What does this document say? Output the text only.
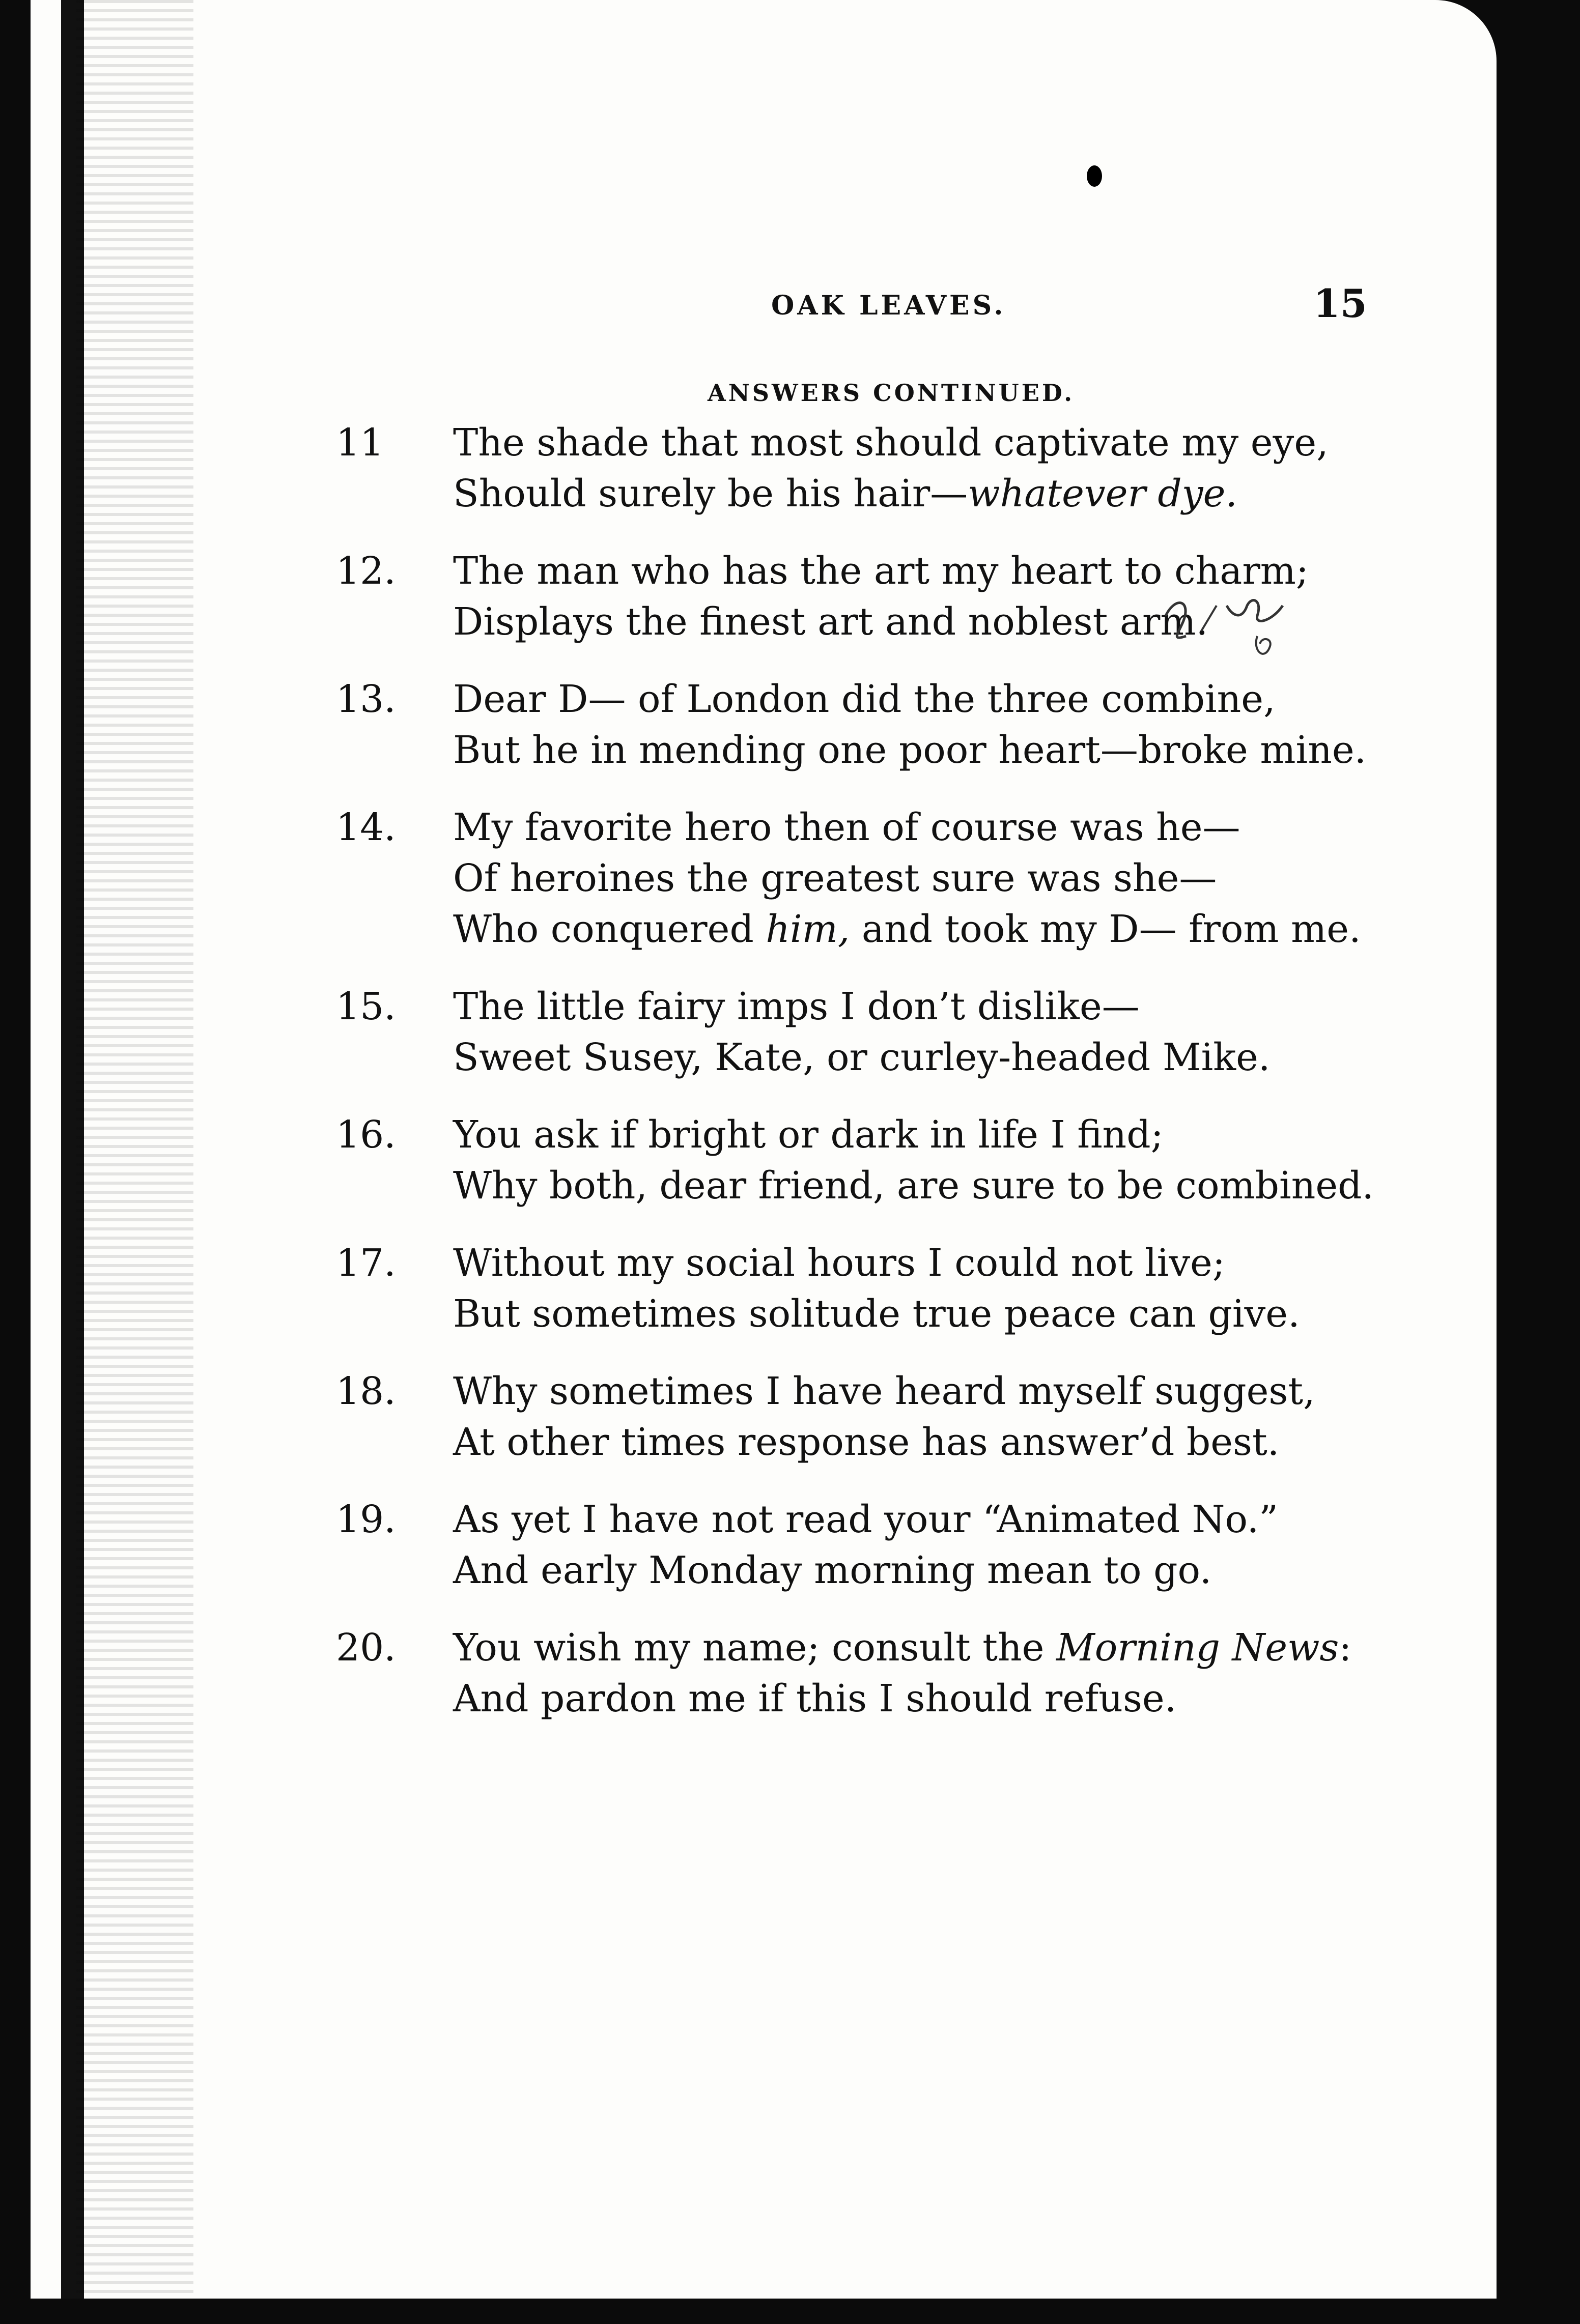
OAK LEAVES.	15
ANSWERS CONTINUED.
11	The shade that most should captivate my eye,
Should surely be his hair—whatever dye.
12.	The man who has the art my heart to charm;
Displays the finest art and noblest arm.
13.	Dear D— of London did the three combine,
But he in mending one poor heart—broke mine.
14.	My favorite hero then of course was he—
Of heroines the greatest sure was she—
Who conquered him, and took my D— from me.
15.	The little fairy imps I don’t dislike—
Sweet Susey, Kate, or curley-headed Mike.
16.	You ask if bright or dark in life I find;
Why both, dear friend, are sure to be combined.
17.	Without my social hours I could not live;
But sometimes solitude true peace can give.
18.	Why sometimes I have heard myself suggest,
At other times response has answer’d best.
19.	As yet I have not read your “Animated No.”
And early Monday morning mean to go.
20.	You wish my name; consult the Morning News:
And pardon me if this I should refuse.
